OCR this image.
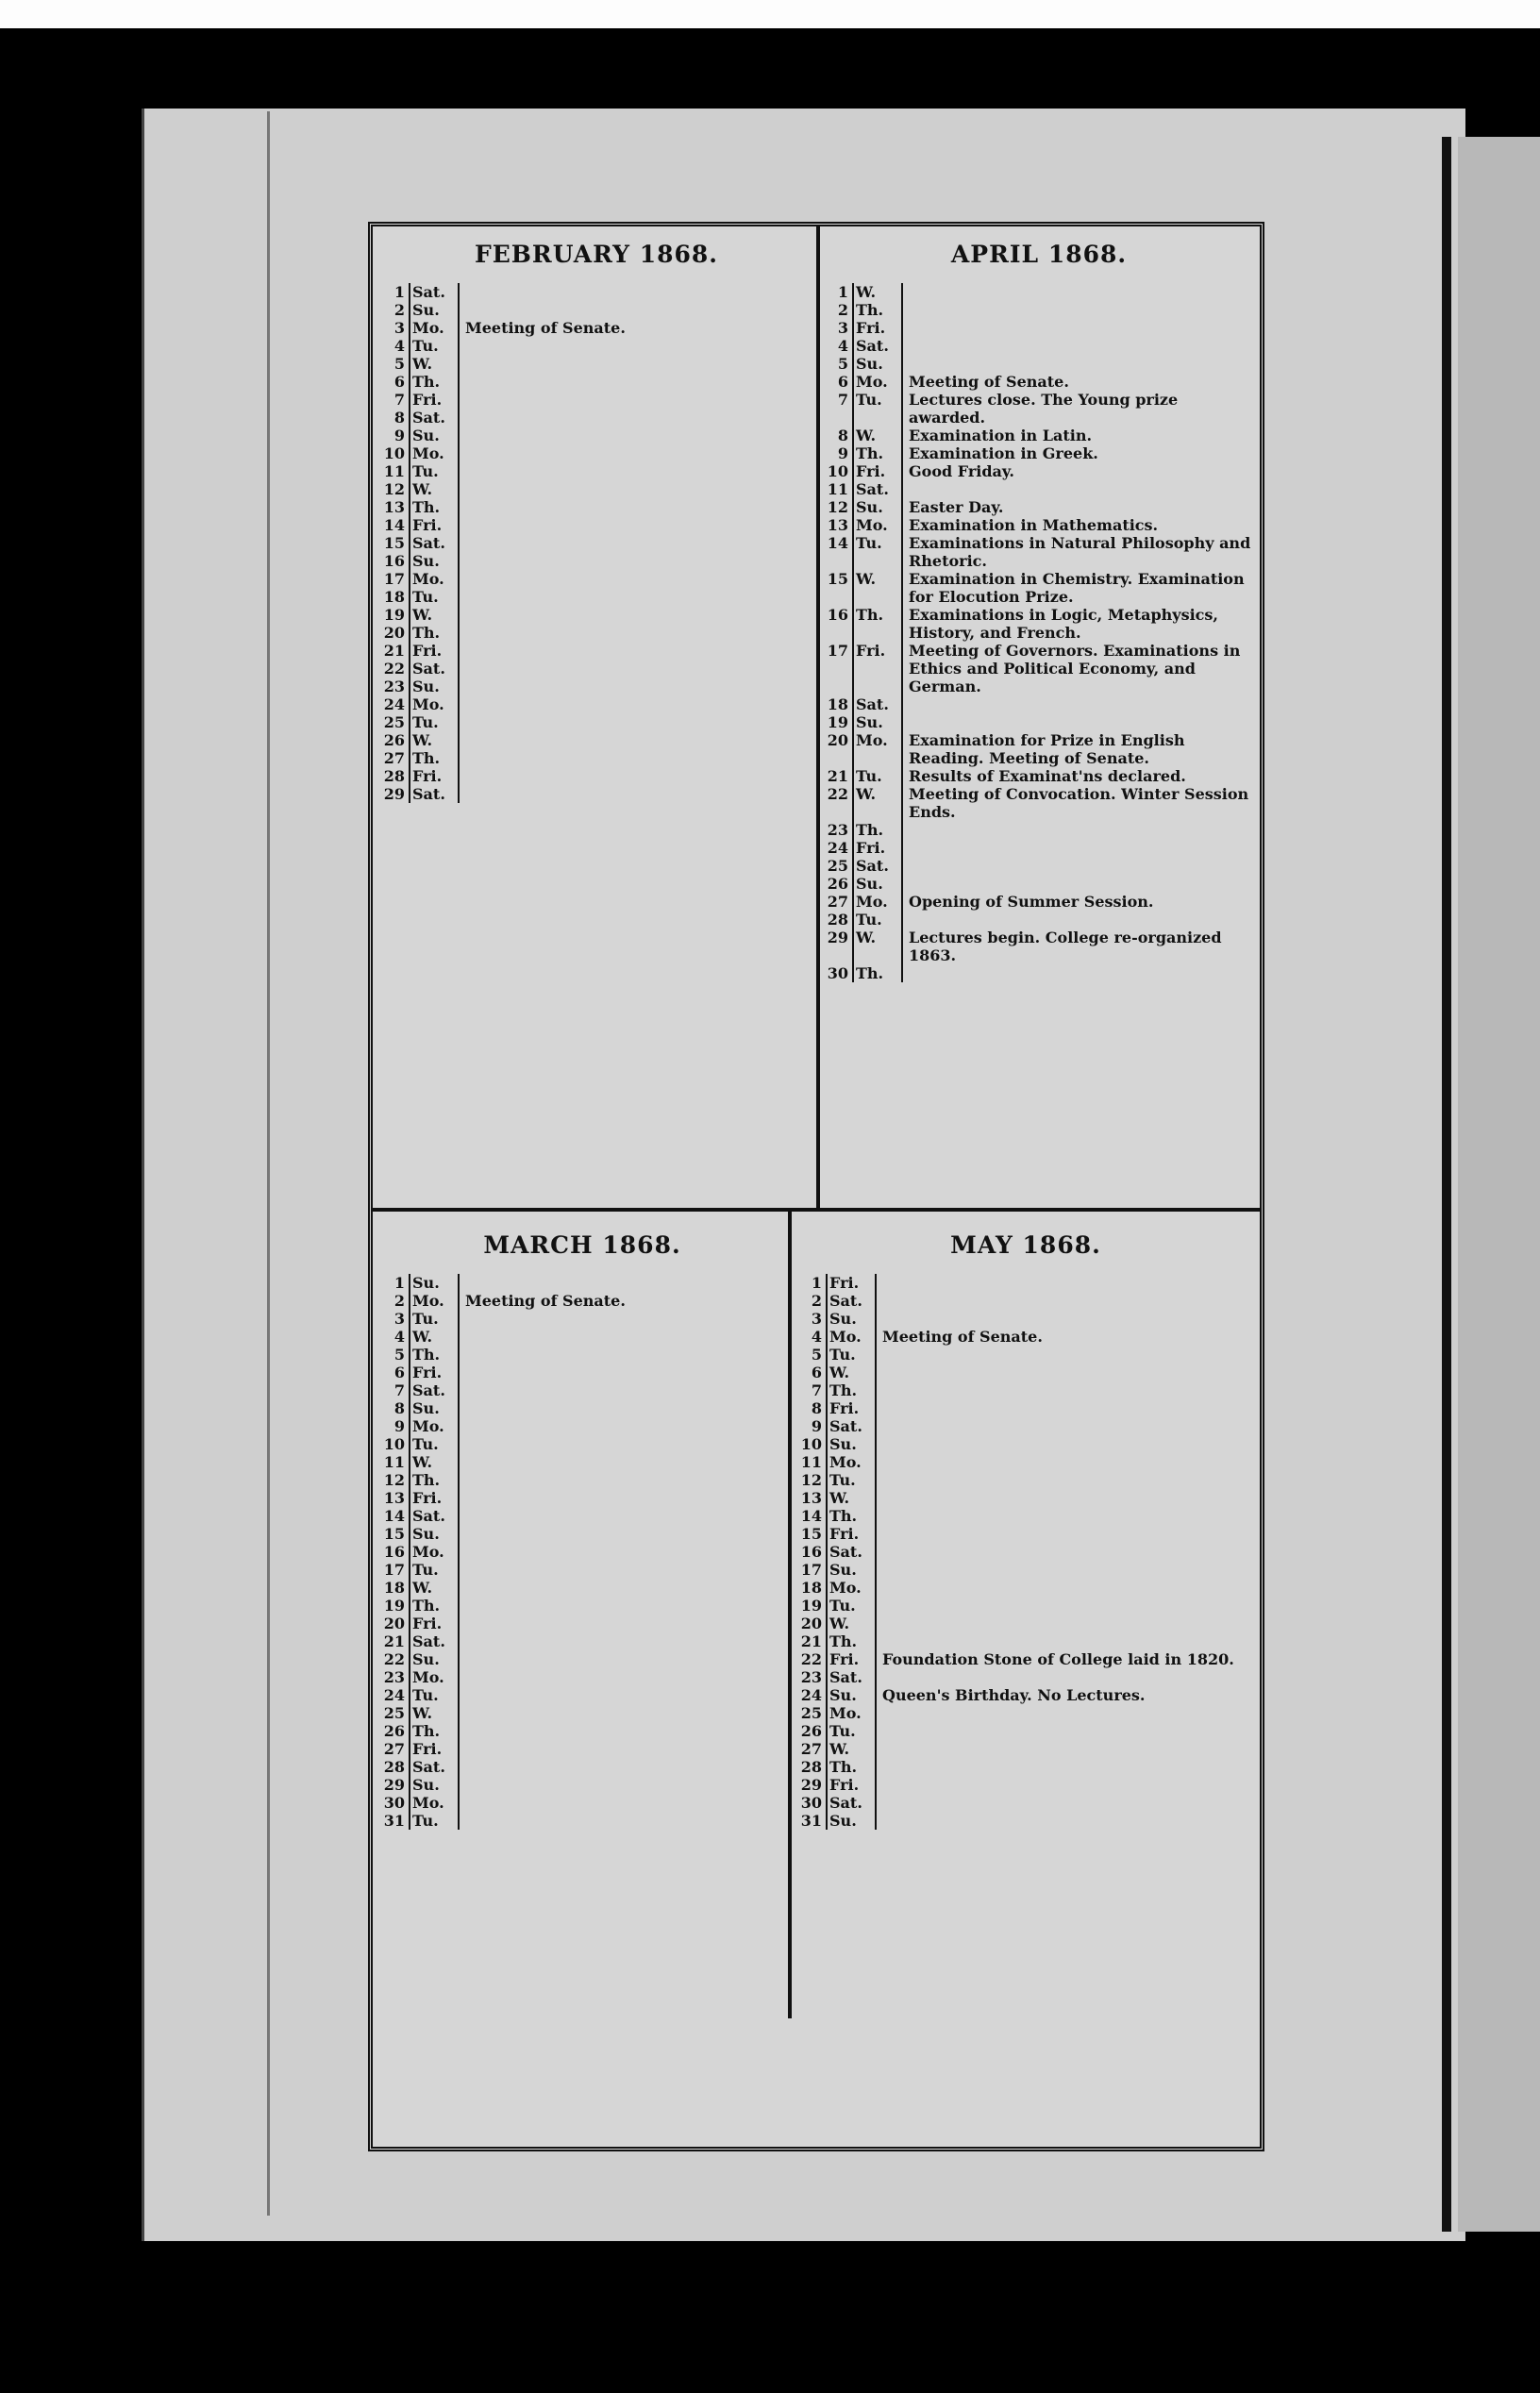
FEBRUARY 1868.
1 Sat.
2 Su.
3 Mo.	Meeting of Senate.
4 Tu.
5 W.
6 Th.
7 Fri.
8 Sat.
9 Su.
10 Mo.
11 Tu.
12 W.
13 Th.
14 Fri.
15 Sat.
16 Su.
17 Mo.
18 Tu.
19 W.
20 Th.
21 Fri.
22 Sat.
23 Su.
24 Mo.
25 Tu.
26 W.
27 Th.
28 Fri.
29 Sat.
APRIL 1868.
1 W.
2 Th.
3 Fri.
4 Sat.
5 Su.
6 Mo.	Meeting of Senate.
7 Tu.	Lectures close. The Young prize awarded.
8 W.	Examination in Latin.
9 Th.	Examination in Greek.
10 Fri.	Good Friday.
11 Sat.
12 Su.	Easter Day.
13 Mo.	Examination in Mathematics.
14 Tu.	Examinations in Natural Philosophy and Rhetoric.
15 W.	Examination in Chemistry. Examination for Elocution Prize.
16 Th.	Examinations in Logic, Metaphysics, History, and French.
17 Fri.	Meeting of Governors. Examinations in Ethics and Political Economy, and German.
18 Sat.
19 Su.
20 Mo.	Examination for Prize in English Reading. Meeting of Senate.
21 Tu.	Results of Examinat'ns declared.
22 W.	Meeting of Convocation. Winter Session Ends.
23 Th.
24 Fri.
25 Sat.
26 Su.
27 Mo.	Opening of Summer Session.
28 Tu.
29 W.	Lectures begin. College re-organized 1863.
30 Th.
MARCH 1868.
1 Su.
2 Mo.	Meeting of Senate.
3 Tu.
4 W.
5 Th.
6 Fri.
7 Sat.
8 Su.
9 Mo.
10 Tu.
11 W.
12 Th.
13 Fri.
14 Sat.
15 Su.
16 Mo.
17 Tu.
18 W.
19 Th.
20 Fri.
21 Sat.
22 Su.
23 Mo.
24 Tu.
25 W.
26 Th.
27 Fri.
28 Sat.
29 Su.
30 Mo.
31 Tu.
MAY 1868.
1 Fri.
2 Sat.
3 Su.
4 Mo.	Meeting of Senate.
5 Tu.
6 W.
7 Th.
8 Fri.
9 Sat.
10 Su.
11 Mo.
12 Tu.
13 W.
14 Th.
15 Fri.
16 Sat.
17 Su.
18 Mo.
19 Tu.
20 W.
21 Th.
22 Fri.	Foundation Stone of College laid in 1820.
23 Sat.
24 Su.	Queen's Birthday. No Lectures.
25 Mo.
26 Tu.
27 W.
28 Th.
29 Fri.
30 Sat.
31 Su.
